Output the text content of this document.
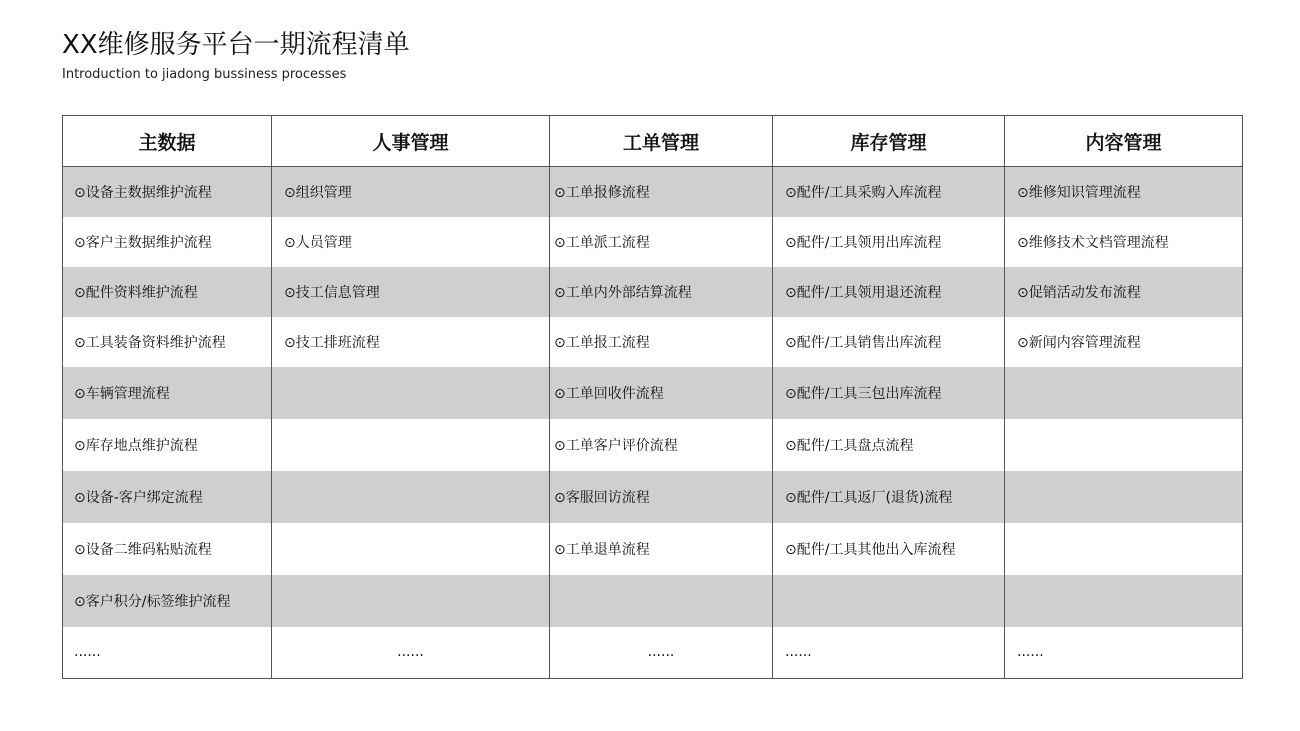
XX维修服务平台一期流程清单
Introduction to jiadong bussiness processes
主数据	人事管理	工单管理	库存管理	内容管理
⊙设备主数据维护流程	⊙组织管理	⊙工单报修流程	⊙配件/工具采购入库流程	⊙维修知识管理流程
⊙客户主数据维护流程	⊙人员管理	⊙工单派工流程	⊙配件/工具领用出库流程	⊙维修技术文档管理流程
⊙配件资料维护流程	⊙技工信息管理	⊙工单内外部结算流程	⊙配件/工具领用退还流程	⊙促销活动发布流程
⊙工具装备资料维护流程	⊙技工排班流程	⊙工单报工流程	⊙配件/工具销售出库流程	⊙新闻内容管理流程
⊙车辆管理流程		⊙工单回收件流程	⊙配件/工具三包出库流程	
⊙库存地点维护流程		⊙工单客户评价流程	⊙配件/工具盘点流程	
⊙设备-客户绑定流程		⊙客服回访流程	⊙配件/工具返厂(退货)流程	
⊙设备二维码粘贴流程		⊙工单退单流程	⊙配件/工具其他出入库流程	
⊙客户积分/标签维护流程				
......	......	......	......	......
